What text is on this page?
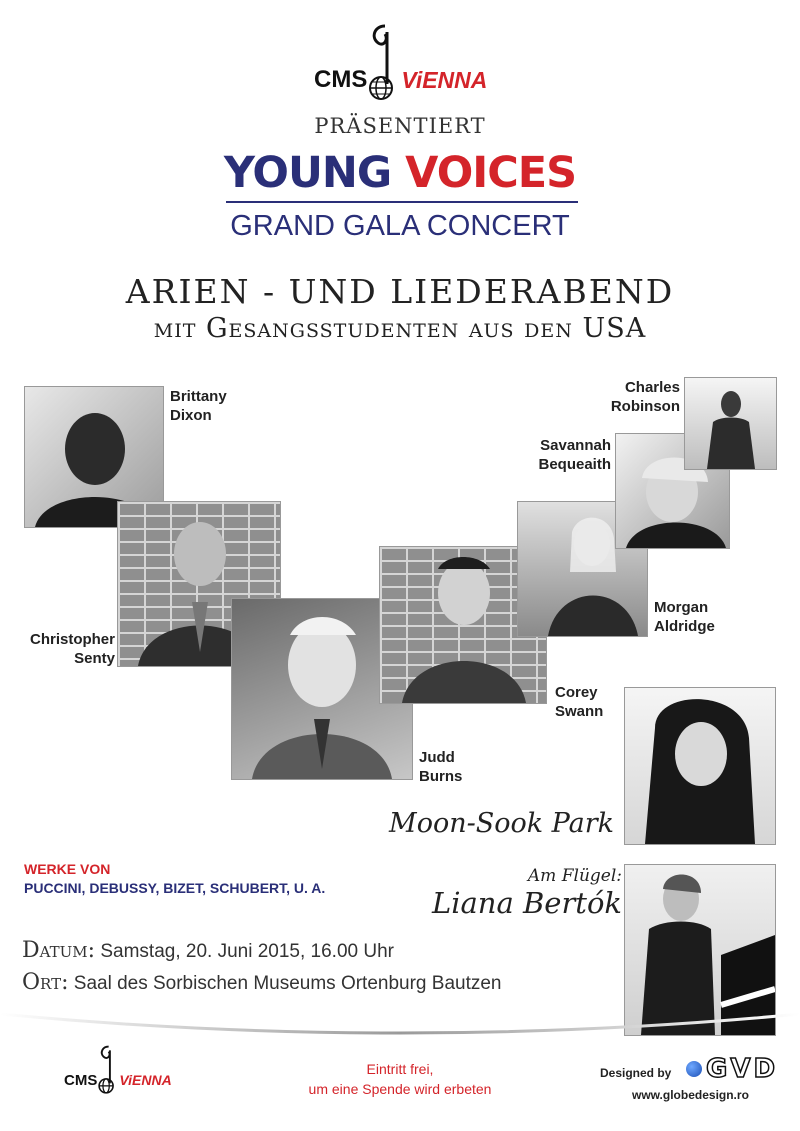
CMS ViENNA
PRÄSENTIERT
YOUNG VOICES
GRAND GALA CONCERT
ARIEN - UND LIEDERABEND
mit Gesangsstudenten aus den USA
Brittany
Dixon
Christopher
Senty
Judd
Burns
Corey
Swann
Morgan
Aldridge
Savannah
Bequeaith
Charles
Robinson
Moon-Sook Park
Am Flügel:
Liana Bertók
WERKE VON
PUCCINI, DEBUSSY, BIZET, SCHUBERT, U. A.
Datum: Samstag, 20. Juni 2015, 16.00 Uhr
Ort: Saal des Sorbischen Museums Ortenburg Bautzen
CMS ViENNA
Eintritt frei,
um eine Spende wird erbeten
Designed by GVD
www.globedesign.ro
